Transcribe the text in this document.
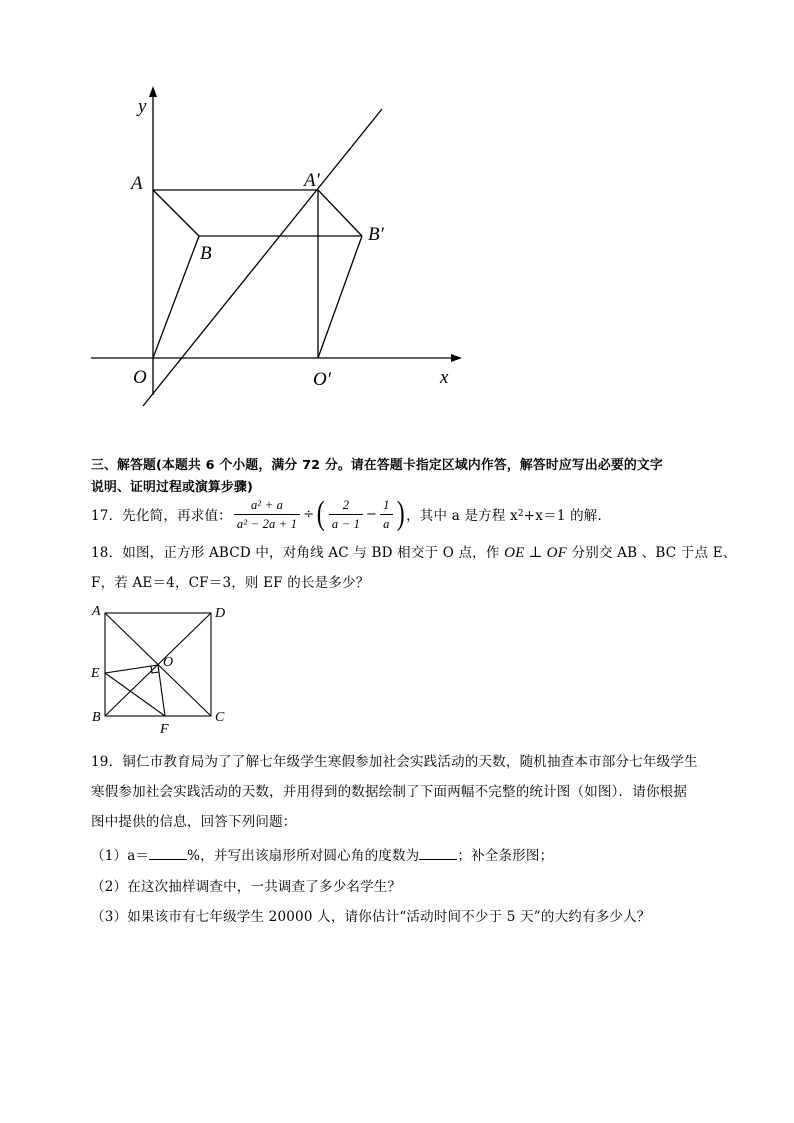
y
x
O
A
B
A′
B′
O′
三、解答题(本题共 6 个小题，满分 72 分。请在答题卡指定区域内作答，解答时应写出必要的文字
说明、证明过程或演算步骤)
17．先化简，再求值： $\frac{\text{a² + a}}{\text{a² − 2a + 1}}$ ÷ ( $\frac{2}{a - 1} - \frac{1}{a}$ ) ，其中 a 是方程 x 2 +x＝1 的解．
18．如图，正方形 ABCD 中，对角线 AC 与 BD 相交于 O 点，作 OE ⊥ OF 分别交 AB 、BC 于点 E、
F，若 AE＝4，CF＝3，则 EF 的长是多少？
A	D
E
O
B
F
C
19．铜仁市教育局为了了解七年级学生寒假参加社会实践活动的天数，随机抽查本市部分七年级学生
寒假参加社会实践活动的天数，并用得到的数据绘制了下面两幅不完整的统计图（如图）．请你根据
图中提供的信息，回答下列问题：
（1）a＝	%，并写出该扇形所对圆心角的度数为	；补全条形图；
（2）在这次抽样调查中，一共调查了多少名学生？
（3）如果该市有七年级学生 20000 人，请你估计“活动时间不少于 5 天”的大约有多少人？
